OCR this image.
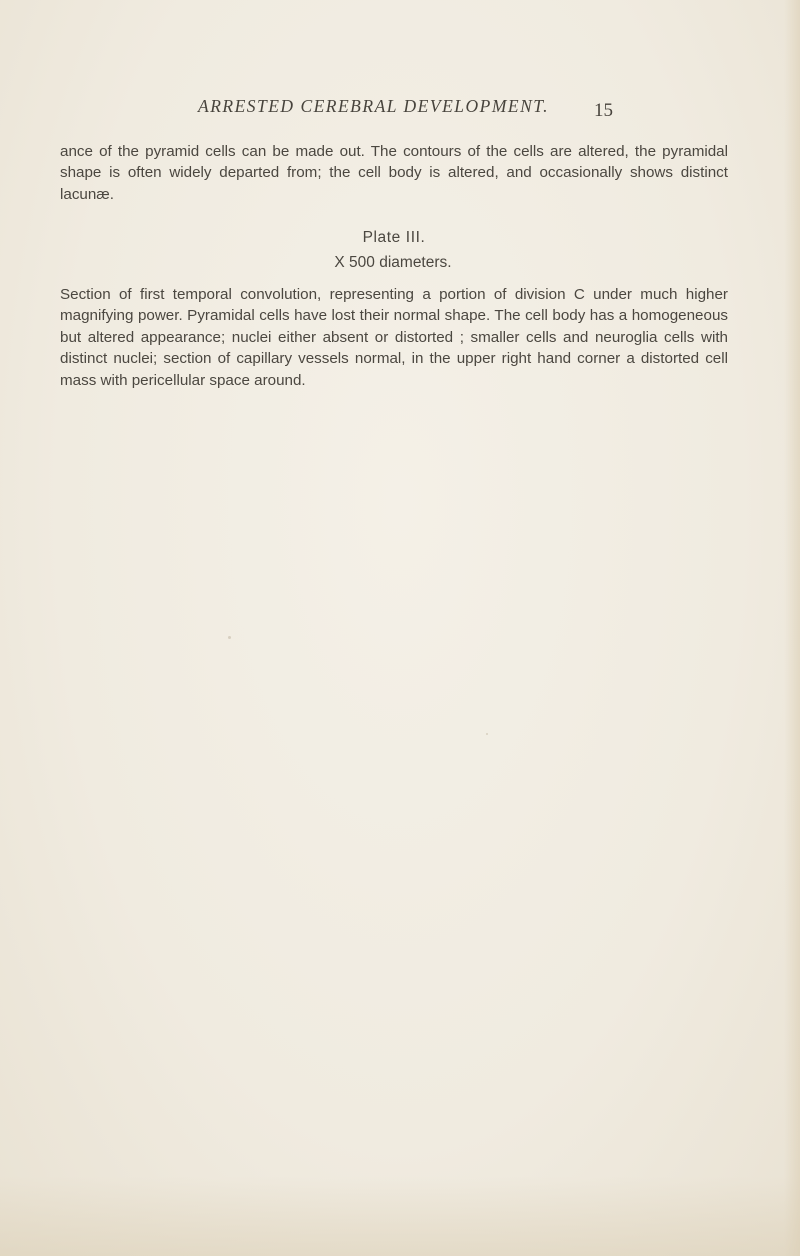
ARRESTED CEREBRAL DEVELOPMENT. 15

ance of the pyramid cells can be made out. The contours of the cells are altered, the pyramidal shape is often widely departed from; the cell body is altered, and occasionally shows distinct lacunæ.

Plate III.
X 500 diameters.

Section of first temporal convolution, representing a portion of division C under much higher magnifying power. Pyramidal cells have lost their normal shape. The cell body has a homogeneous but altered appearance; nuclei either absent or distorted ; smaller cells and neuroglia cells with distinct nuclei; section of capillary vessels normal, in the upper right hand corner a distorted cell mass with pericellular space around.
